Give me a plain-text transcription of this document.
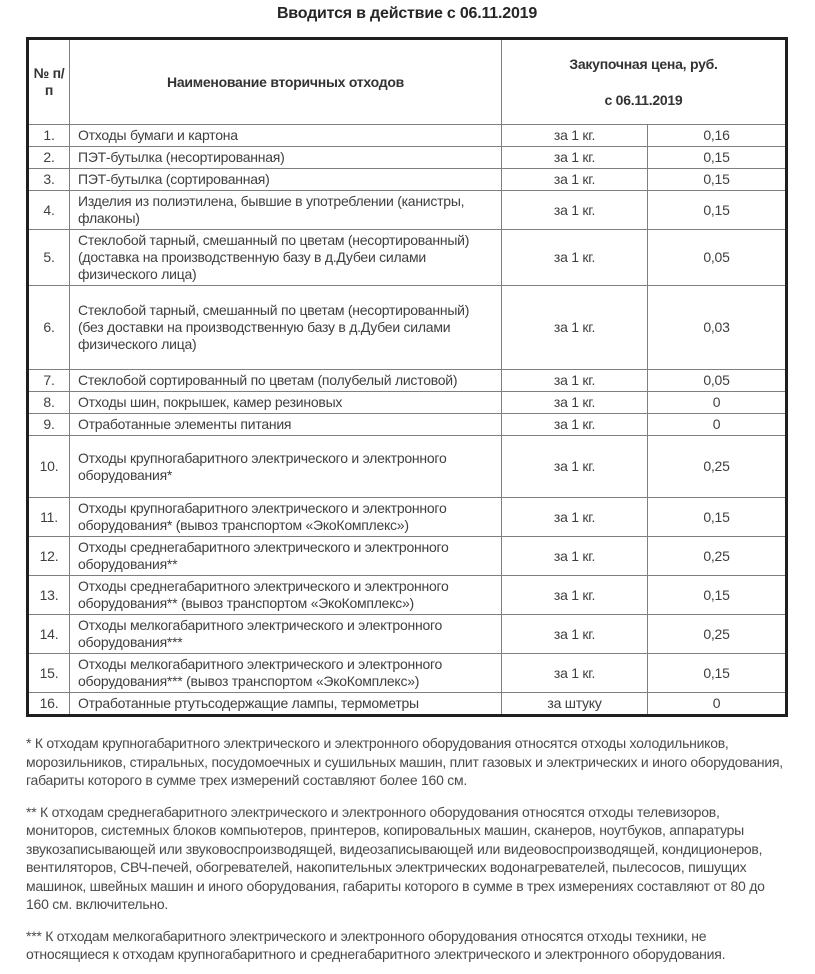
Вводится в действие с 06.11.2019
№ п/п	Наименование вторичных отходов	Закупочная цена, руб.
с 06.11.2019	

1.	Отходы бумаги и картона	за 1 кг.	0,16
2.	ПЭТ-бутылка (несортированная)	за 1 кг.	0,15
3.	ПЭТ-бутылка (сортированная)	за 1 кг.	0,15
4.	Изделия из полиэтилена, бывшие в употреблении (канистры, флаконы)	за 1 кг.	0,15
5.	Стеклобой тарный, смешанный по цветам (несортированный) (доставка на производственную базу в д.Дубеи силами физического лица)	за 1 кг.	0,05
6.	Стеклобой тарный, смешанный по цветам (несортированный) (без доставки на производственную базу в д.Дубеи силами физического лица)	за 1 кг.	0,03
7.	Стеклобой сортированный по цветам (полубелый листовой)	за 1 кг.	0,05
8.	Отходы шин, покрышек, камер резиновых	за 1 кг.	0
9.	Отработанные элементы питания	за 1 кг.	0
10.	Отходы крупногабаритного электрического и электронного оборудования*	за 1 кг.	0,25
11.	Отходы крупногабаритного электрического и электронного оборудования* (вывоз транспортом «ЭкоКомплекс»)	за 1 кг.	0,15
12.	Отходы среднегабаритного электрического и электронного оборудования**	за 1 кг.	0,25
13.	Отходы среднегабаритного электрического и электронного оборудования** (вывоз транспортом «ЭкоКомплекс»)	за 1 кг.	0,15
14.	Отходы мелкогабаритного электрического и электронного оборудования***	за 1 кг.	0,25
15.	Отходы мелкогабаритного электрического и электронного оборудования*** (вывоз транспортом «ЭкоКомплекс»)	за 1 кг.	0,15
16.	Отработанные ртутьсодержащие лампы, термометры	за штуку	0

* К отходам крупногабаритного электрического и электронного оборудования относятся отходы холодильников, морозильников, стиральных, посудомоечных и сушильных машин, плит газовых и электрических и иного оборудования, габариты которого в сумме трех измерений составляют более 160 см.

** К отходам среднегабаритного электрического и электронного оборудования относятся отходы телевизоров, мониторов, системных блоков компьютеров, принтеров, копировальных машин, сканеров, ноутбуков, аппаратуры звукозаписывающей или звуковоспроизводящей, видеозаписывающей или видеовоспроизводящей, кондиционеров, вентиляторов, СВЧ-печей, обогревателей, накопительных электрических водонагревателей, пылесосов, пишущих машинок, швейных машин и иного оборудования, габариты которого в сумме в трех измерениях составляют от 80 до 160 см. включительно.

*** К отходам мелкогабаритного электрического и электронного оборудования относятся отходы техники, не относящиеся к отходам крупногабаритного и среднегабаритного электрического и электронного оборудования.
